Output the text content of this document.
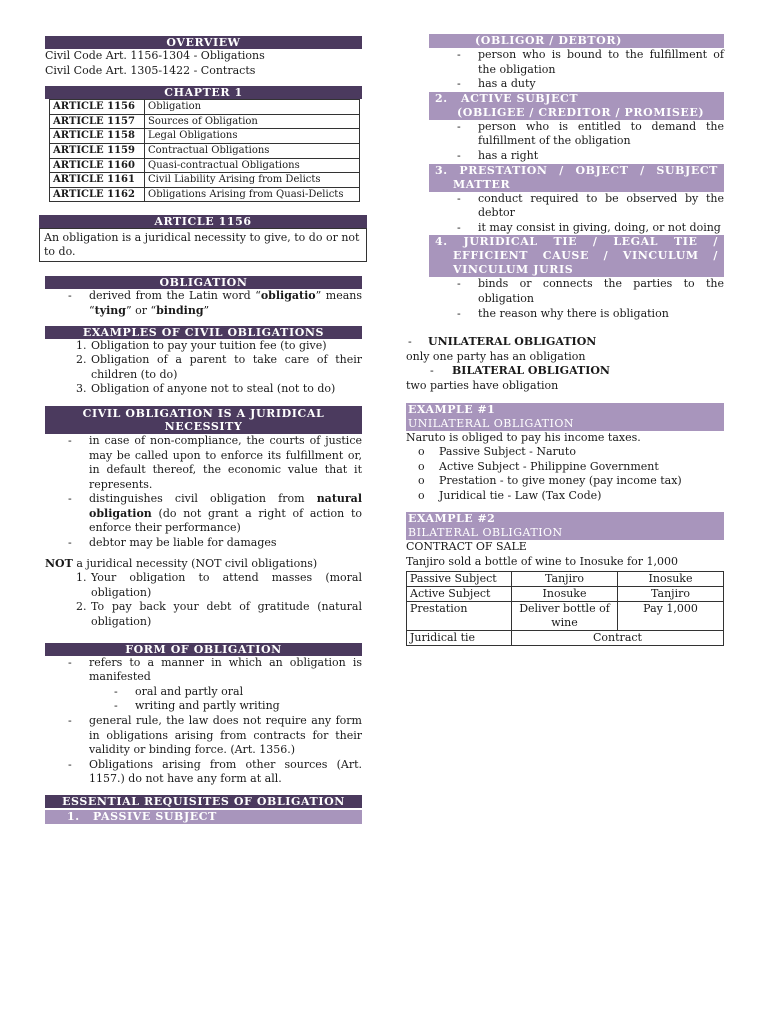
OVERVIEW
Civil Code Art. 1156-1304 - Obligations
Civil Code Art. 1305-1422 - Contracts
CHAPTER 1
ARTICLE 1156	Obligation
ARTICLE 1157	Sources of Obligation
ARTICLE 1158	Legal Obligations
ARTICLE 1159	Contractual Obligations
ARTICLE 1160	Quasi-contractual Obligations
ARTICLE 1161	Civil Liability Arising from Delicts
ARTICLE 1162	Obligations Arising from Quasi-Delicts
ARTICLE 1156
An obligation is a juridical necessity to give, to do or not to do.
OBLIGATION
- derived from the Latin word “obligatio” means “tying” or “binding”
EXAMPLES OF CIVIL OBLIGATIONS
1. Obligation to pay your tuition fee (to give)
2. Obligation of a parent to take care of their children (to do)
3. Obligation of anyone not to steal (not to do)
CIVIL OBLIGATION IS A JURIDICAL NECESSITY
- in case of non-compliance, the courts of justice may be called upon to enforce its fulfillment or, in default thereof, the economic value that it represents.
- distinguishes civil obligation from natural obligation (do not grant a right of action to enforce their performance)
- debtor may be liable for damages
NOT a juridical necessity (NOT civil obligations)
1. Your obligation to attend masses (moral obligation)
2. To pay back your debt of gratitude (natural obligation)
FORM OF OBLIGATION
- refers to a manner in which an obligation is manifested
- oral and partly oral
- writing and partly writing
- general rule, the law does not require any form in obligations arising from contracts for their validity or binding force. (Art. 1356.)
- Obligations arising from other sources (Art. 1157.) do not have any form at all.
ESSENTIAL REQUISITES OF OBLIGATION
1.   PASSIVE SUBJECT
(OBLIGOR / DEBTOR)
- person who is bound to the fulfillment of the obligation
- has a duty
2.   ACTIVE SUBJECT
(OBLIGEE / CREDITOR / PROMISEE)
- person who is entitled to demand the fulfillment of the obligation
- has a right
3. PRESTATION / OBJECT / SUBJECT
MATTER
- conduct required to be observed by the debtor
- it may consist in giving, doing, or not doing
4. JURIDICAL TIE / LEGAL TIE /
EFFICIENT CAUSE / VINCULUM /
VINCULUM JURIS
- binds or connects the parties to the obligation
- the reason why there is obligation
- UNILATERAL OBLIGATION
only one party has an obligation
- BILATERAL OBLIGATION
two parties have obligation
EXAMPLE #1
UNILATERAL OBLIGATION
Naruto is obliged to pay his income taxes.
o Passive Subject - Naruto
o Active Subject - Philippine Government
o Prestation - to give money (pay income tax)
o Juridical tie - Law (Tax Code)
EXAMPLE #2
BILATERAL OBLIGATION
CONTRACT OF SALE
Tanjiro sold a bottle of wine to Inosuke for 1,000
Passive Subject	Tanjiro	Inosuke
Active Subject	Inosuke	Tanjiro
Prestation	Deliver bottle of wine	Pay 1,000
Juridical tie	Contract	
